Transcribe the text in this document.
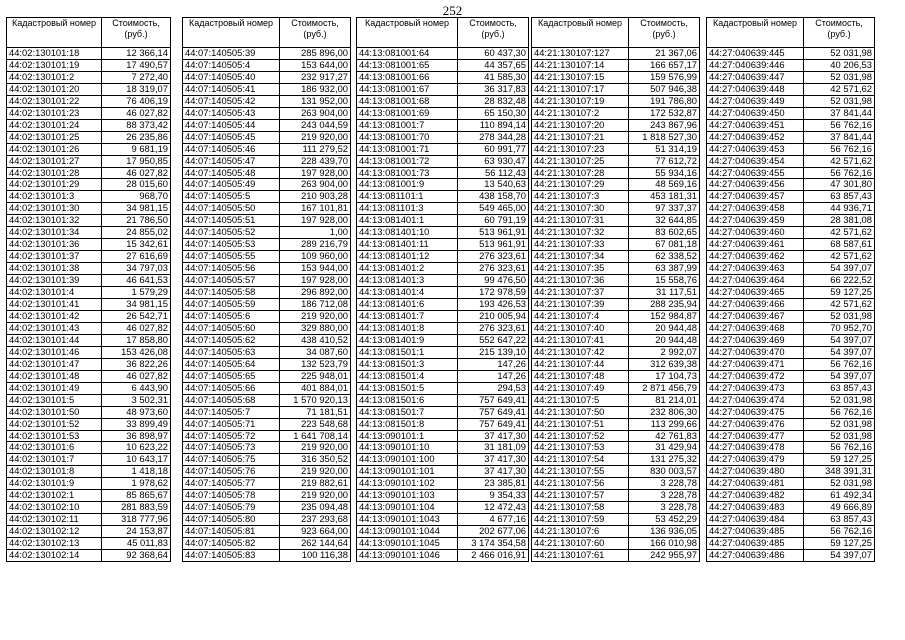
252
Кадастровый номер	Стоимость, (руб.)
44:02:130101:18	12 366,14
44:02:130101:19	17 490,57
44:02:130101:2	7 272,40
44:02:130101:20	18 319,07
44:02:130101:22	76 406,19
44:02:130101:23	46 027,82
44:02:130101:24	88 373,42
44:02:130101:25	26 235,86
44:02:130101:26	9 681,19
44:02:130101:27	17 950,85
44:02:130101:28	46 027,82
44:02:130101:29	28 015,60
44:02:130101:3	968,70
44:02:130101:30	34 981,15
44:02:130101:32	21 786,50
44:02:130101:34	24 855,02
44:02:130101:36	15 342,61
44:02:130101:37	27 616,69
44:02:130101:38	34 797,03
44:02:130101:39	46 641,53
44:02:130101:4	1 579,29
44:02:130101:41	34 981,15
44:02:130101:42	26 542,71
44:02:130101:43	46 027,82
44:02:130101:44	17 858,80
44:02:130101:46	153 426,08
44:02:130101:47	36 822,26
44:02:130101:48	46 027,82
44:02:130101:49	6 443,90
44:02:130101:5	3 502,31
44:02:130101:50	48 973,60
44:02:130101:52	33 899,49
44:02:130101:53	36 898,97
44:02:130101:6	10 623,22
44:02:130101:7	10 643,17
44:02:130101:8	1 418,18
44:02:130101:9	1 978,62
44:02:130102:1	85 865,67
44:02:130102:10	281 883,59
44:02:130102:11	318 777,96
44:02:130102:12	24 153,87
44:02:130102:13	45 011,83
44:02:130102:14	92 368,64
Кадастровый номер	Стоимость, (руб.)
44:07:140505:39	285 896,00
44:07:140505:4	153 644,00
44:07:140505:40	232 917,27
44:07:140505:41	186 932,00
44:07:140505:42	131 952,00
44:07:140505:43	263 904,00
44:07:140505:44	243 044,59
44:07:140505:45	219 920,00
44:07:140505:46	111 279,52
44:07:140505:47	228 439,70
44:07:140505:48	197 928,00
44:07:140505:49	263 904,00
44:07:140505:5	210 903,28
44:07:140505:50	167 101,81
44:07:140505:51	197 928,00
44:07:140505:52	1,00
44:07:140505:53	289 216,79
44:07:140505:55	109 960,00
44:07:140505:56	153 944,00
44:07:140505:57	197 928,00
44:07:140505:58	296 892,00
44:07:140505:59	186 712,08
44:07:140505:6	219 920,00
44:07:140505:60	329 880,00
44:07:140505:62	438 410,52
44:07:140505:63	34 087,60
44:07:140505:64	132 523,79
44:07:140505:65	225 948,01
44:07:140505:66	401 884,01
44:07:140505:68	1 570 920,13
44:07:140505:7	71 181,51
44:07:140505:71	223 548,68
44:07:140505:72	1 641 708,14
44:07:140505:73	219 920,00
44:07:140505:75	316 350,52
44:07:140505:76	219 920,00
44:07:140505:77	219 882,61
44:07:140505:78	219 920,00
44:07:140505:79	235 094,48
44:07:140505:80	237 293,68
44:07:140505:81	923 664,00
44:07:140505:82	262 144,64
44:07:140505:83	100 116,38
Кадастровый номер	Стоимость, (руб.)
44:13:081001:64	60 437,30
44:13:081001:65	44 357,65
44:13:081001:66	41 585,30
44:13:081001:67	36 317,83
44:13:081001:68	28 832,48
44:13:081001:69	65 150,30
44:13:081001:7	110 894,14
44:13:081001:70	278 344,28
44:13:081001:71	60 991,77
44:13:081001:72	63 930,47
44:13:081001:73	56 112,43
44:13:081001:9	13 540,63
44:13:081101:1	438 158,70
44:13:081101:3	549 465,00
44:13:081401:1	60 791,19
44:13:081401:10	513 961,91
44:13:081401:11	513 961,91
44:13:081401:12	276 323,61
44:13:081401:2	276 323,61
44:13:081401:3	99 476,50
44:13:081401:4	172 978,59
44:13:081401:6	193 426,53
44:13:081401:7	210 005,94
44:13:081401:8	276 323,61
44:13:081401:9	552 647,22
44:13:081501:1	215 139,10
44:13:081501:3	147,26
44:13:081501:4	147,26
44:13:081501:5	294,53
44:13:081501:6	757 649,41
44:13:081501:7	757 649,41
44:13:081501:8	757 649,41
44:13:090101:1	37 417,30
44:13:090101:10	31 181,09
44:13:090101:100	37 417,30
44:13:090101:101	37 417,30
44:13:090101:102	23 385,81
44:13:090101:103	9 354,33
44:13:090101:104	12 472,43
44:13:090101:1043	4 677,16
44:13:090101:1044	202 677,06
44:13:090101:1045	3 174 354,58
44:13:090101:1046	2 466 016,91
Кадастровый номер	Стоимость, (руб.)
44:21:130107:127	21 367,06
44:21:130107:14	166 657,17
44:21:130107:15	159 576,99
44:21:130107:17	507 946,38
44:21:130107:19	191 786,80
44:21:130107:2	172 532,87
44:21:130107:20	243 867,96
44:21:130107:21	1 818 527,30
44:21:130107:23	51 314,19
44:21:130107:25	77 612,72
44:21:130107:28	55 934,16
44:21:130107:29	48 569,16
44:21:130107:3	453 181,31
44:21:130107:30	97 337,37
44:21:130107:31	32 644,85
44:21:130107:32	83 602,65
44:21:130107:33	67 081,18
44:21:130107:34	62 338,52
44:21:130107:35	63 387,99
44:21:130107:36	15 558,76
44:21:130107:37	31 117,51
44:21:130107:39	288 235,94
44:21:130107:4	152 984,87
44:21:130107:40	20 944,48
44:21:130107:41	20 944,48
44:21:130107:42	2 992,07
44:21:130107:44	312 639,38
44:21:130107:48	17 104,73
44:21:130107:49	2 871 456,79
44:21:130107:5	81 214,01
44:21:130107:50	232 806,30
44:21:130107:51	113 299,66
44:21:130107:52	42 761,83
44:21:130107:53	31 429,94
44:21:130107:54	131 275,32
44:21:130107:55	830 003,57
44:21:130107:56	3 228,78
44:21:130107:57	3 228,78
44:21:130107:58	3 228,78
44:21:130107:59	53 452,29
44:21:130107:6	136 936,05
44:21:130107:60	166 010,98
44:21:130107:61	242 955,97
Кадастровый номер	Стоимость, (руб.)
44:27:040639:445	52 031,98
44:27:040639:446	40 206,53
44:27:040639:447	52 031,98
44:27:040639:448	42 571,62
44:27:040639:449	52 031,98
44:27:040639:450	37 841,44
44:27:040639:451	56 762,16
44:27:040639:452	37 841,44
44:27:040639:453	56 762,16
44:27:040639:454	42 571,62
44:27:040639:455	56 762,16
44:27:040639:456	47 301,80
44:27:040639:457	63 857,43
44:27:040639:458	44 936,71
44:27:040639:459	28 381,08
44:27:040639:460	42 571,62
44:27:040639:461	68 587,61
44:27:040639:462	42 571,62
44:27:040639:463	54 397,07
44:27:040639:464	66 222,52
44:27:040639:465	59 127,25
44:27:040639:466	42 571,62
44:27:040639:467	52 031,98
44:27:040639:468	70 952,70
44:27:040639:469	54 397,07
44:27:040639:470	54 397,07
44:27:040639:471	56 762,16
44:27:040639:472	54 397,07
44:27:040639:473	63 857,43
44:27:040639:474	52 031,98
44:27:040639:475	56 762,16
44:27:040639:476	52 031,98
44:27:040639:477	52 031,98
44:27:040639:478	56 762,16
44:27:040639:479	59 127,25
44:27:040639:480	348 391,31
44:27:040639:481	52 031,98
44:27:040639:482	61 492,34
44:27:040639:483	49 666,89
44:27:040639:484	63 857,43
44:27:040639:485	56 762,16
44:27:040639:485	59 127,25
44:27:040639:486	54 397,07
